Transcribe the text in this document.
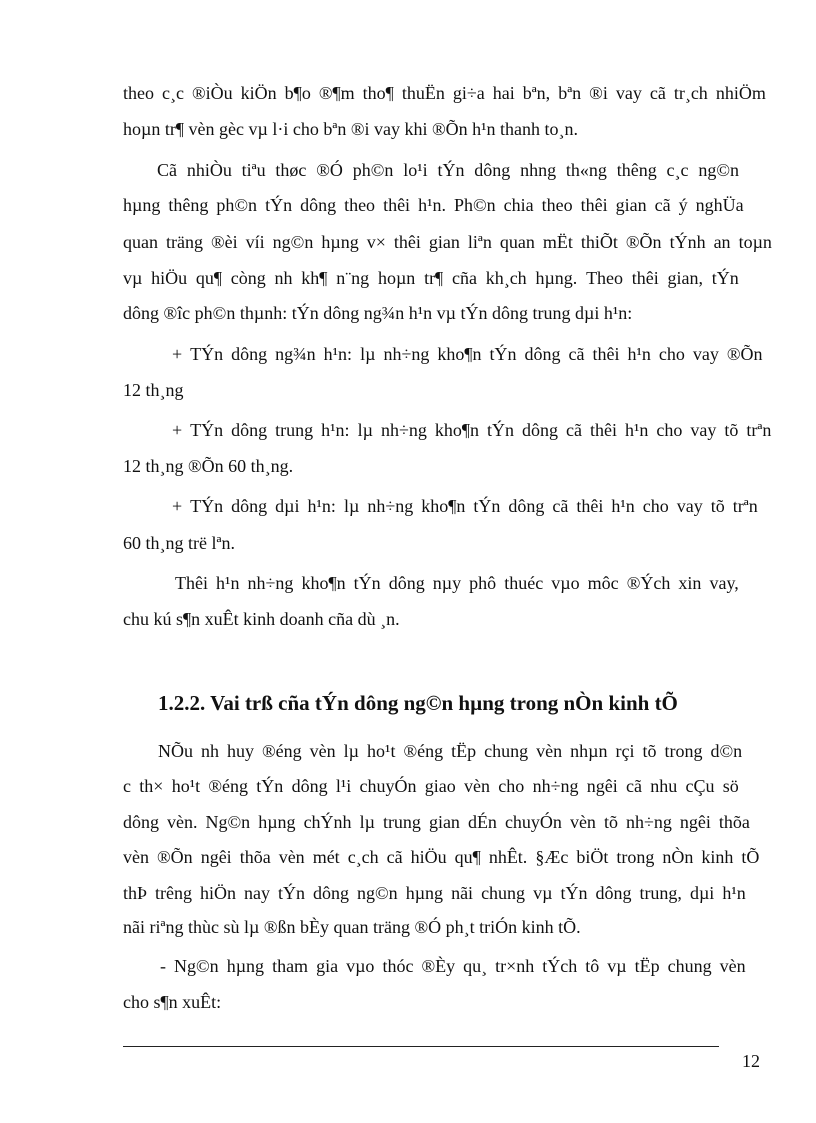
theo c¸c ®iÒu kiÖn b¶o ®¶m tho¶ thuËn gi÷a hai bªn, bªn ®i vay cã tr¸ch nhiÖm
hoµn tr¶ vèn gèc vµ l·i cho bªn ®i vay khi ®Õn h¹n thanh to¸n.
Cã nhiÒu tiªu thøc ®Ó ph©n lo¹i tÝn dông nhng th«ng thêng c¸c ng©n
hµng thêng ph©n tÝn dông theo thêi h¹n. Ph©n chia theo thêi gian cã ý nghÜa
quan träng ®èi víi ng©n hµng v× thêi gian liªn quan mËt thiÕt ®Õn tÝnh an toµn
vµ hiÖu qu¶ còng nh kh¶ n¨ng hoµn tr¶ cña kh¸ch hµng. Theo thêi gian, tÝn
dông ®îc ph©n thµnh: tÝn dông ng¾n h¹n vµ tÝn dông trung dµi h¹n:
+ TÝn dông ng¾n h¹n: lµ nh÷ng kho¶n tÝn dông cã thêi h¹n cho vay ®Õn
12 th¸ng
+ TÝn dông trung h¹n: lµ nh÷ng kho¶n tÝn dông cã thêi h¹n cho vay tõ trªn
12 th¸ng ®Õn 60 th¸ng.
+ TÝn dông dµi h¹n: lµ nh÷ng kho¶n tÝn dông cã thêi h¹n cho vay tõ trªn
60 th¸ng trë lªn.
Thêi h¹n nh÷ng kho¶n tÝn dông nµy phô thuéc vµo môc ®Ých xin vay,
chu kú s¶n xuÊt kinh doanh cña dù ¸n.
1.2.2. Vai trß cña tÝn dông ng©n hµng trong nÒn kinh tÕ
NÕu nh huy ®éng vèn lµ ho¹t ®éng tËp chung vèn nhµn rçi tõ trong d©n
c th× ho¹t ®éng tÝn dông l¹i chuyÓn giao vèn cho nh÷ng ngêi cã nhu cÇu sö
dông vèn. Ng©n hµng chÝnh lµ trung gian dÉn chuyÓn vèn tõ nh÷ng ngêi thõa
vèn ®Õn ngêi thõa vèn mét c¸ch cã hiÖu qu¶ nhÊt. §Æc biÖt trong nÒn kinh tÕ
thÞ trêng hiÖn nay tÝn dông ng©n hµng nãi chung vµ tÝn dông trung, dµi h¹n
nãi riªng thùc sù lµ ®ßn bÈy quan träng ®Ó ph¸t triÓn kinh tÕ.
- Ng©n hµng tham gia vµo thóc ®Èy qu¸ tr×nh tÝch tô vµ tËp chung vèn
cho s¶n xuÊt:
12
